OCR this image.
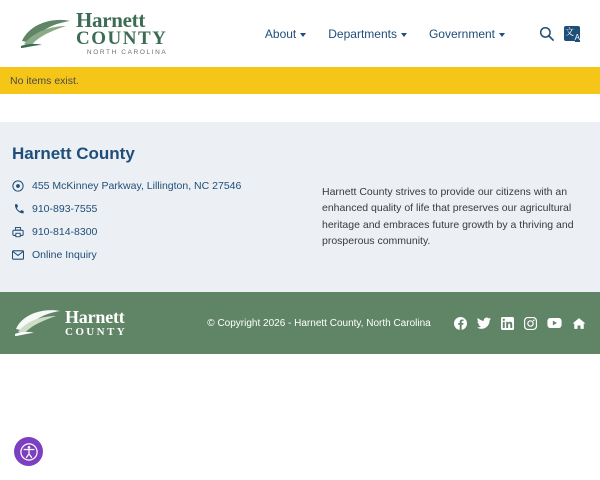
Harnett
COUNTY
NORTH CAROLINA
About	Departments	Government
文 A
No items exist.
Harnett County
455 McKinney Parkway, Lillington, NC 27546
910-893-7555
910-814-8300
Online Inquiry
Harnett County strives to provide our citizens with an enhanced quality of life that preserves our agricultural heritage and embraces future growth by a thriving and prosperous community.
Harnett
COUNTY
© Copyright 2026 - Harnett County, North Carolina
